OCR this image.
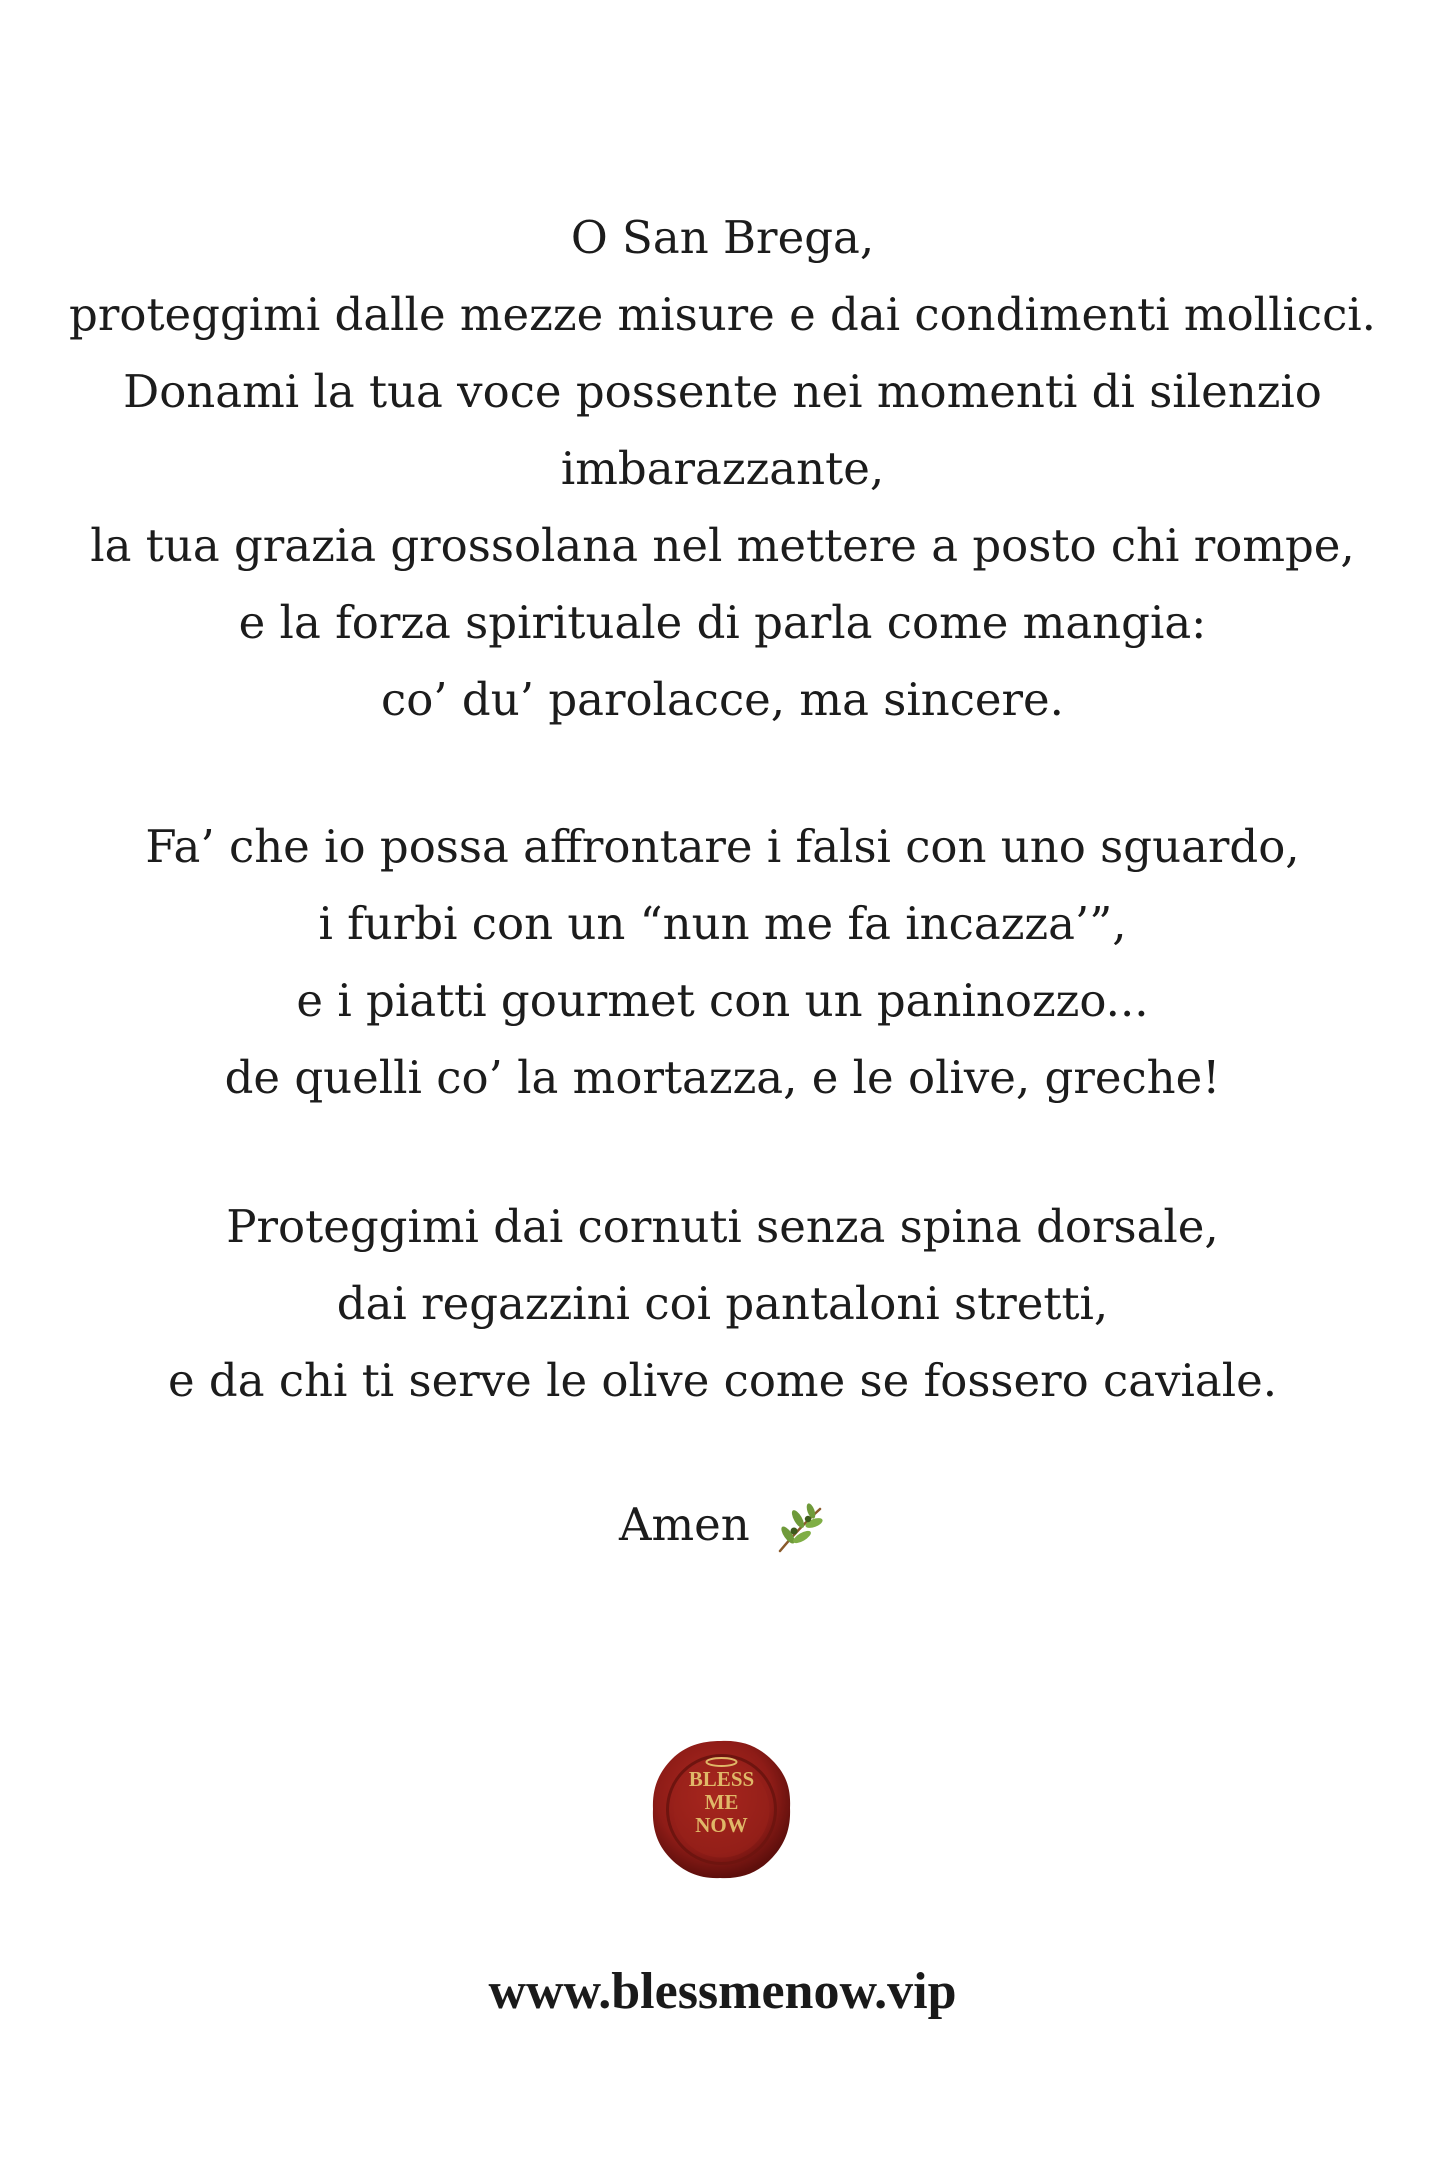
O San Brega,
proteggimi dalle mezze misure e dai condimenti mollicci.
Donami la tua voce possente nei momenti di silenzio
imbarazzante,
la tua grazia grossolana nel mettere a posto chi rompe,
e la forza spirituale di parla come mangia:
co’ du’ parolacce, ma sincere.
Fa’ che io possa affrontare i falsi con uno sguardo,
i furbi con un “nun me fa incazza’”,
e i piatti gourmet con un paninozzo...
de quelli co’ la mortazza, e le olive, greche!
Proteggimi dai cornuti senza spina dorsale,
dai regazzini coi pantaloni stretti,
e da chi ti serve le olive come se fossero caviale.
Amen
BLESS
ME
NOW
www.blessmenow.vip
